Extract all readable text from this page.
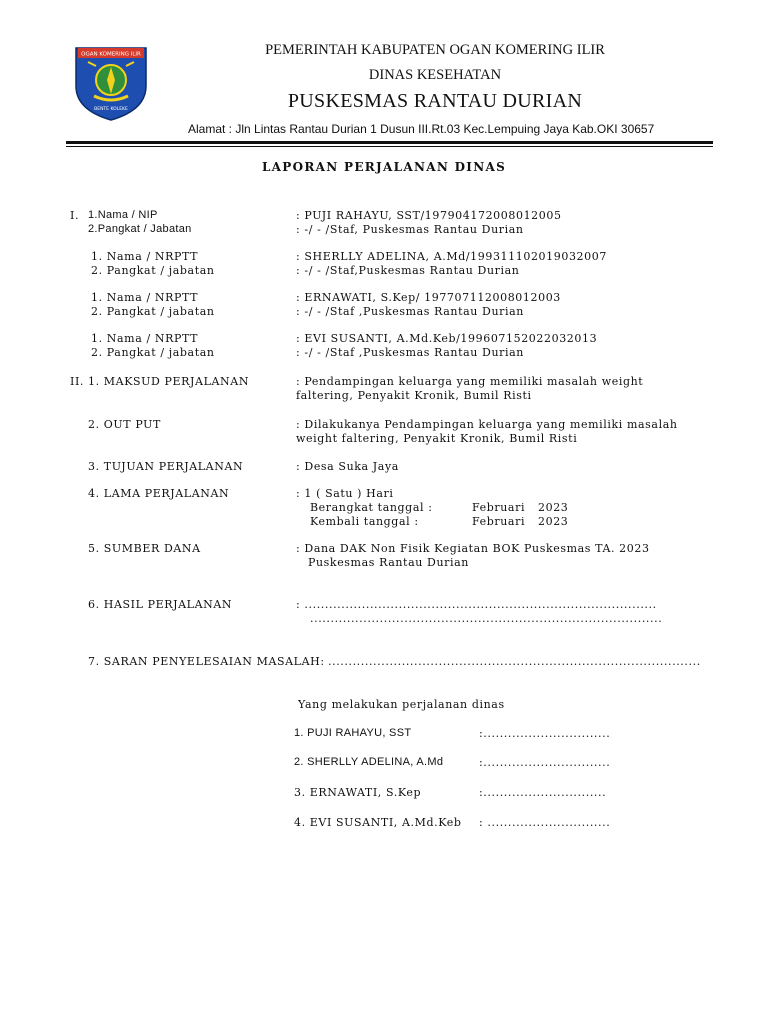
OGAN KOMERING ILIR
BENTE KOLEKE
PEMERINTAH KABUPATEN OGAN KOMERING ILIR
DINAS KESEHATAN
PUSKESMAS RANTAU DURIAN
Alamat : Jln Lintas Rantau Durian 1 Dusun III.Rt.03 Kec.Lempuing Jaya Kab.OKI 30657
LAPORAN PERJALANAN DINAS
I. 1.Nama / NIP	: PUJI RAHAYU, SST/197904172008012005
2.Pangkat / Jabatan	: -/ - /Staf, Puskesmas Rantau Durian
1. Nama / NRPTT	: SHERLLY ADELINA, A.Md/199311102019032007
2. Pangkat / jabatan	: -/ - /Staf,Puskesmas Rantau Durian
1. Nama / NRPTT	: ERNAWATI, S.Kep/ 197707112008012003
2. Pangkat / jabatan	: -/ - /Staf ,Puskesmas Rantau Durian
1. Nama / NRPTT	: EVI SUSANTI, A.Md.Keb/199607152022032013
2. Pangkat / jabatan	: -/ - /Staf ,Puskesmas Rantau Durian
II. 1. MAKSUD PERJALANAN	: Pendampingan keluarga yang memiliki masalah weight
faltering, Penyakit Kronik, Bumil Risti
2. OUT PUT	: Dilakukanya Pendampingan keluarga yang memiliki masalah
weight faltering, Penyakit Kronik, Bumil Risti
3. TUJUAN PERJALANAN	: Desa Suka Jaya
4. LAMA PERJALANAN	: 1 ( Satu ) Hari
Berangkat tanggal :	Februari 2023
Kembali tanggal :	Februari 2023
5. SUMBER DANA	: Dana DAK Non Fisik Kegiatan BOK Puskesmas TA. 2023
Puskesmas Rantau Durian
6. HASIL PERJALANAN	: ......................................................................................
......................................................................................
7. SARAN PENYELESAIAN MASALAH: ...........................................................................................
Yang melakukan perjalanan dinas
1. PUJI RAHAYU, SST	:...............................
2. SHERLLY ADELINA, A.Md	:...............................
3. ERNAWATI, S.Kep	:..............................
4. EVI SUSANTI, A.Md.Keb : ..............................
